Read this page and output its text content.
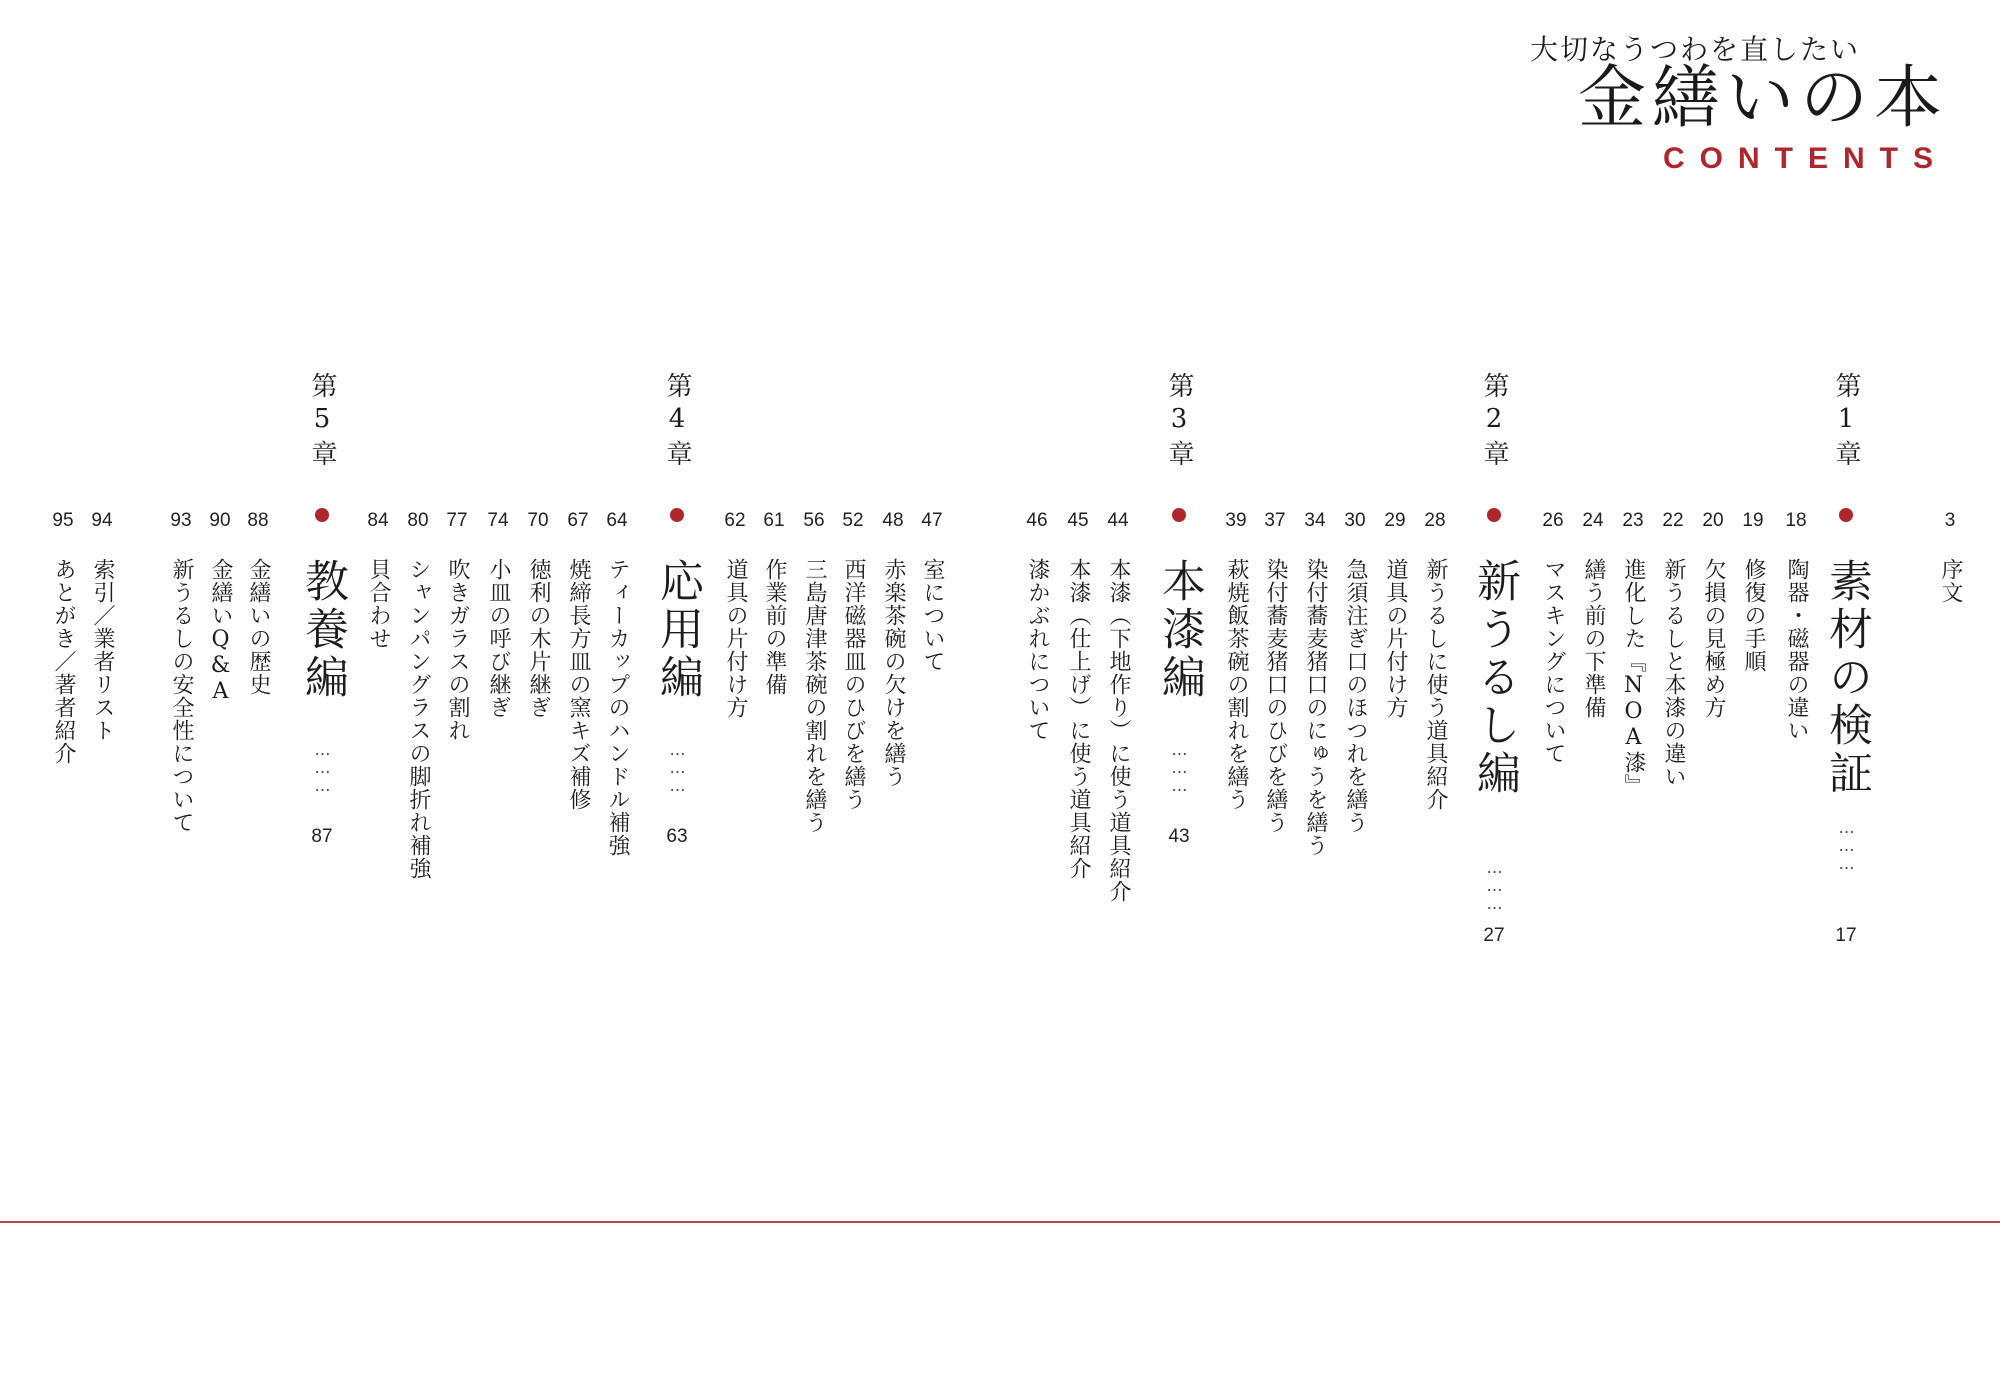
大切なうつわを直したい
金繕いの本
CONTENTS
3
序文
第1章
素材の検証
………
17
18
陶器・磁器の違い
19
修復の手順
20
欠損の見極め方
22
新うるしと本漆の違い
23
進化した『NOA漆』
24
繕う前の下準備
26
マスキングについて
第2章
新うるし編
………
27
28
新うるしに使う道具紹介
29
道具の片付け方
30
急須注ぎ口のほつれを繕う
34
染付蕎麦猪口のにゅうを繕う
37
染付蕎麦猪口のひびを繕う
39
萩焼飯茶碗の割れを繕う
第3章
本漆編
………
43
44
本漆（下地作り）に使う道具紹介
45
本漆（仕上げ）に使う道具紹介
46
漆かぶれについて
第4章
応用編
………
63
47
室について
48
赤楽茶碗の欠けを繕う
52
西洋磁器皿のひびを繕う
56
三島唐津茶碗の割れを繕う
61
作業前の準備
62
道具の片付け方
第5章
教養編
………
87
64
ティーカップのハンドル補強
67
焼締長方皿の窯キズ補修
70
徳利の木片継ぎ
74
小皿の呼び継ぎ
77
吹きガラスの割れ
80
シャンパングラスの脚折れ補強
84
貝合わせ
88
金繕いの歴史
90
金繕いQ&A
93
新うるしの安全性について
94
索引／業者リスト
95
あとがき／著者紹介
